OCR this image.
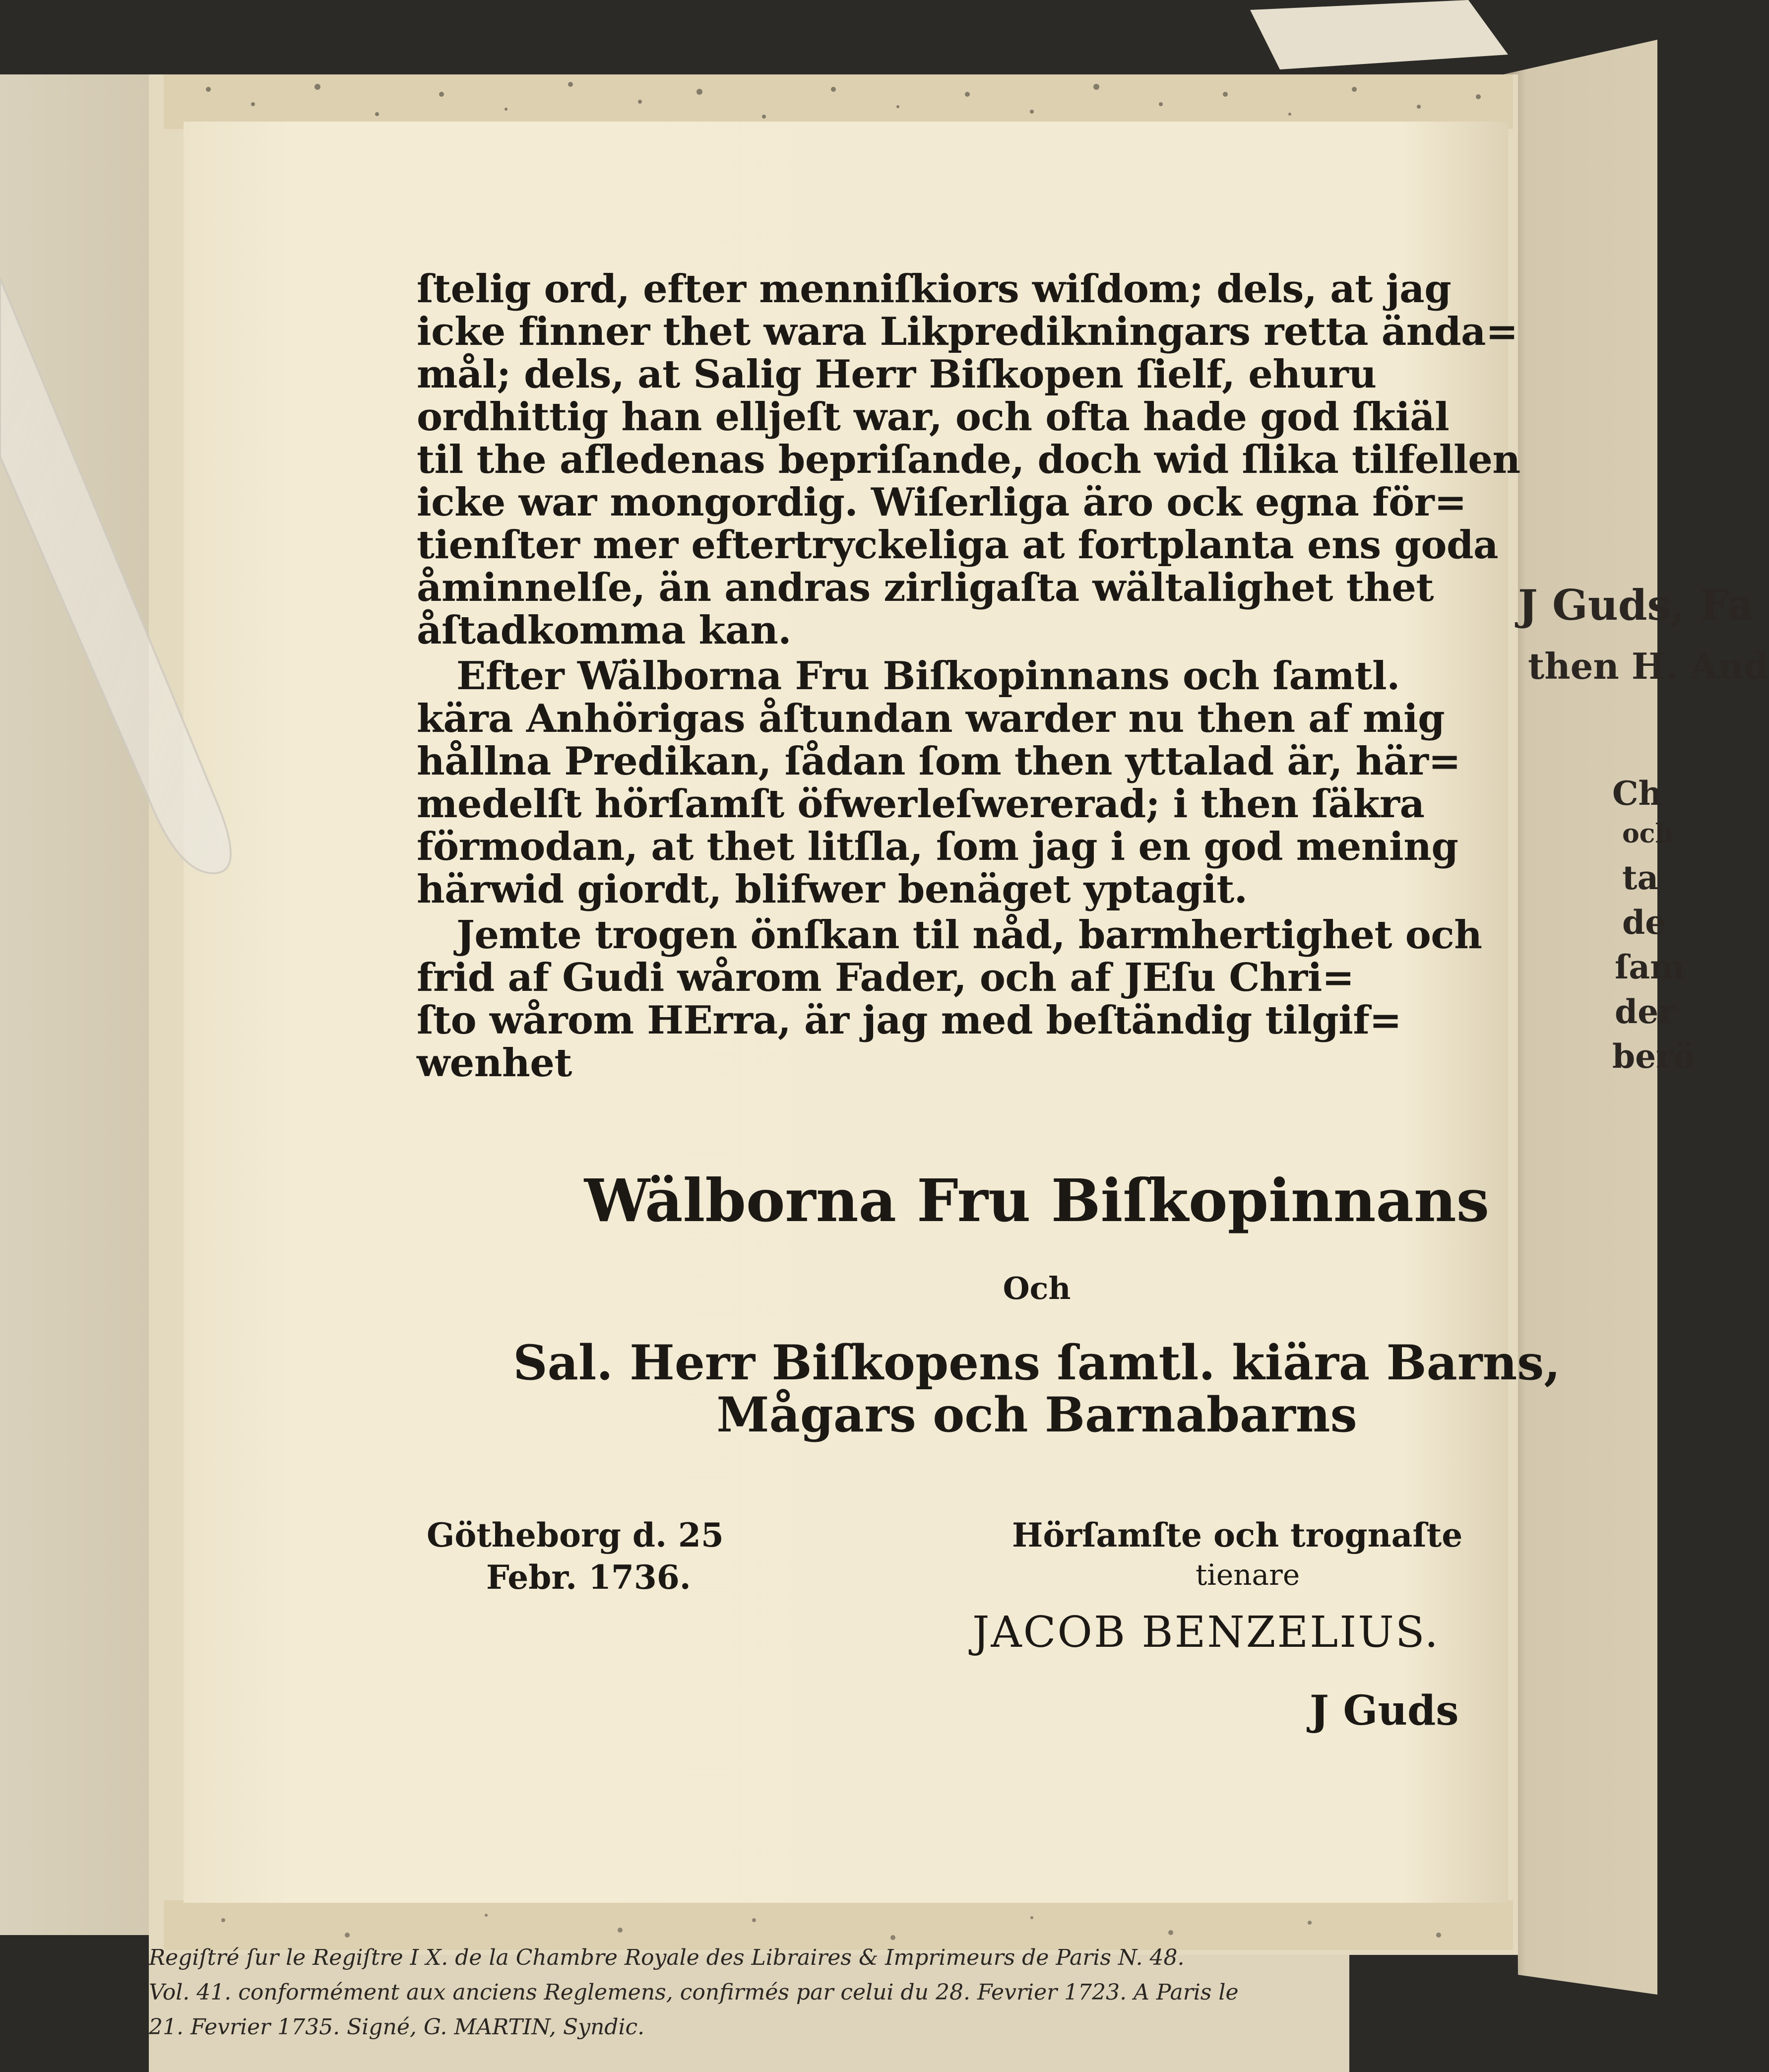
ſtelig ord, efter menniſkiors wiſdom; dels, at jag
icke finner thet wara Likpredikningars retta ända=
mål; dels, at Salig Herr Biſkopen ſielf, ehuru
ordhittig han elljeſt war, och ofta hade god ſkiäl
til the afledenas bepriſande, doch wid ſlika tilfellen
icke war mongordig. Wiſerliga äro ock egna för=
tienſter mer eftertryckeliga at fortplanta ens goda
åminnelſe, än andras zirligaſta wältalighet thet
åſtadkomma kan.
Efter Wälborna Fru Biſkopinnans och ſamtl.
kära Anhörigas åſtundan warder nu then af mig
hållna Predikan, ſådan ſom then yttalad är, här=
medelſt hörſamſt öfwerleſwererad; i then ſäkra
förmodan, at thet litſla, ſom jag i en god mening
härwid giordt, blifwer benäget yptagit.
Jemte trogen önſkan til nåd, barmhertighet och
frid af Gudi wårom Fader, och af JEſu Chri=
ſto wårom HErra, är jag med beſtändig tilgif=
wenhet
Wälborna Fru Biſkopinnans
Och
Sal. Herr Biſkopens ſamtl. kiära Barns,
Mågars och Barnabarns
Götheborg d. 25
Febr. 1736.
Hörſamſte och trognaſte
tienare
JACOB BENZELIUS.
J Guds
J Guds, Fa
then H. And
Ch
och
ta
de
ſam
der
berö
Regiſtré ſur le Regiſtre I X. de la Chambre Royale des Libraires & Imprimeurs de Paris N. 48.
Vol. 41. conformément aux anciens Reglemens, confirmés par celui du 28. Fevrier 1723. A Paris le
21. Fevrier 1735. Signé, G. MARTIN, Syndic.
